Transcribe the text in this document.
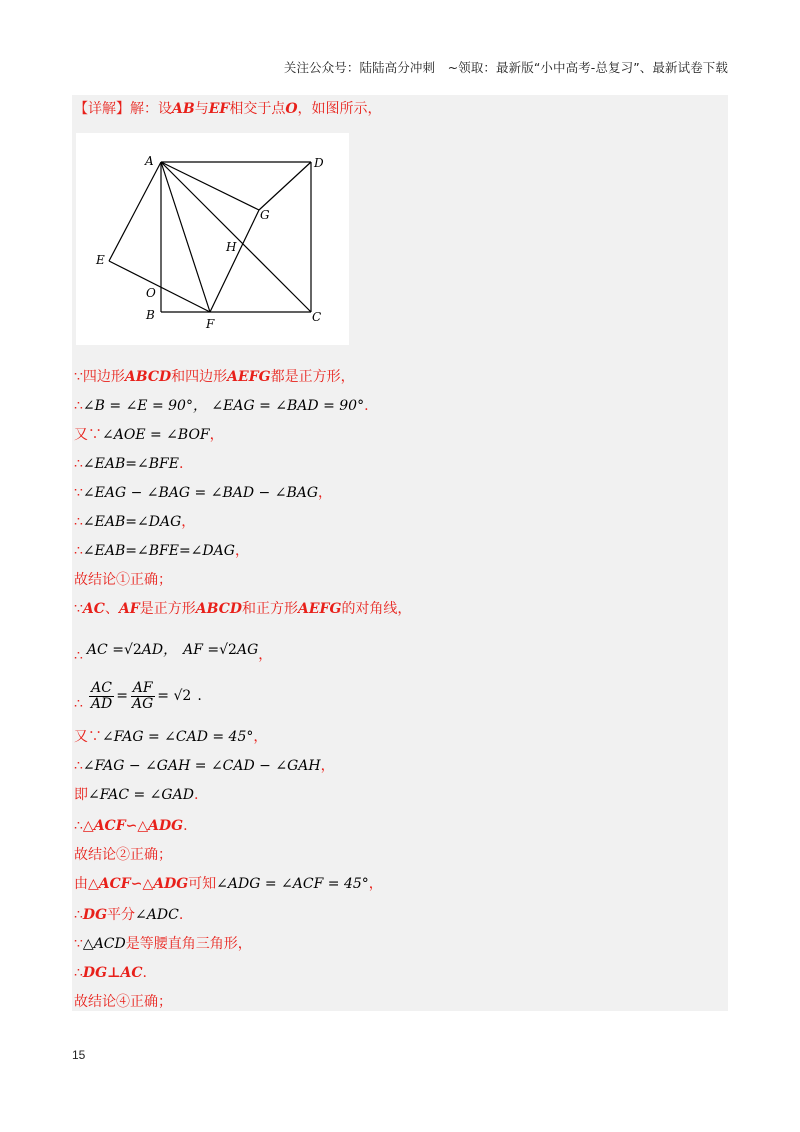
关注公众号：陆陆高分冲刺　~领取：最新版“小中高考-总复习”、最新试卷下载
【详解】 解：设 AB 与 EF 相交于点 O ，如图所示，
A	D
G
H
E
O
B
F	C
∵ 四边形 ABCD 和四边形 AEFG 都是正方形，
∴ ∠B = ∠E = 90°， ∠EAG = ∠BAD = 90° .
又∵ ∠AOE = ∠BOF ，
∴ ∠EAB=∠BFE .
∵ ∠EAG − ∠BAG = ∠BAD − ∠BAG ，
∴ ∠EAB=∠DAG ，
∴ ∠EAB=∠BFE=∠DAG ，
故结论①正确；
∵ AC 、 AF 是正方形 ABCD 和正方形 AEFG 的对角线，
∴ AC = √2 AD ， AF = √2 AG ，
∴ $\frac{AC}{AD} = \frac{AF}{AG} = √2$ .
又∵ ∠FAG = ∠CAD = 45° ，
∴ ∠FAG − ∠GAH = ∠CAD − ∠GAH ，
即 ∠FAC = ∠GAD .
∴ △ACF∽△ADG .
故结论②正确；
由 △ACF∽△ADG 可知 ∠ADG = ∠ACF = 45° ，
∴ DG 平分 ∠ADC .
∵ △ACD 是等腰直角三角形，
∴ DG⊥AC .
故结论④正确；
15
